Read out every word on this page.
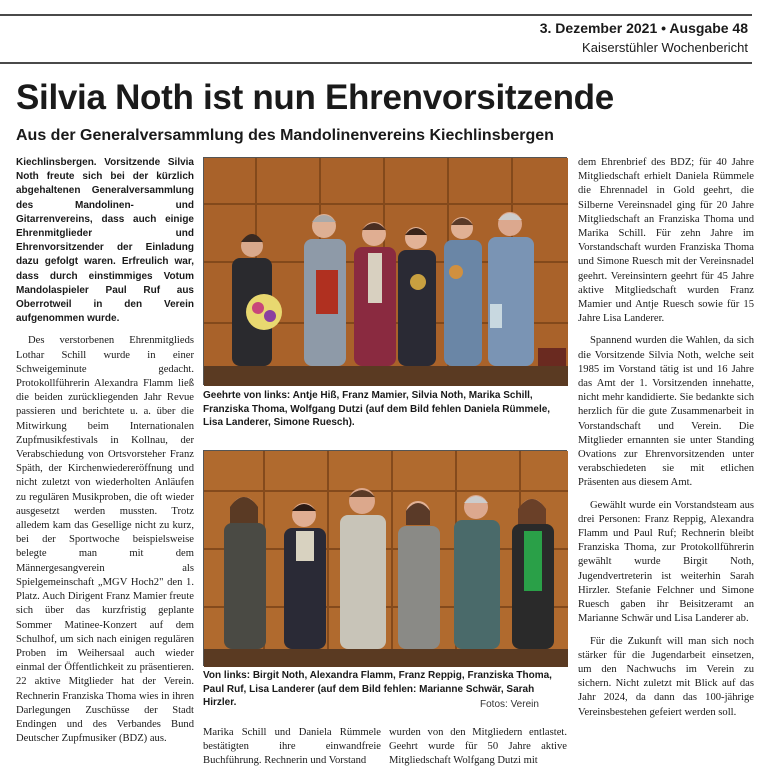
3. Dezember 2021 • Ausgabe 48
Kaiserstühler Wochenbericht
Silvia Noth ist nun Ehrenvorsitzende
Aus der Generalversammlung des Mandolinenvereins Kiechlinsbergen

Kiechlinsbergen. Vorsitzende Silvia Noth freute sich bei der kürzlich abgehaltenen Generalversammlung des Mandolinen- und Gitarrenvereins, dass auch einige Ehrenmitglieder und Ehrenvorsitzender der Einladung dazu gefolgt waren. Erfreulich war, dass durch einstimmiges Votum Mandolaspieler Paul Ruf aus Oberrotweil in den Verein aufgenommen wurde.

Des verstorbenen Ehrenmitglieds Lothar Schill wurde in einer Schweigeminute gedacht. Protokollführerin Alexandra Flamm ließ die beiden zurückliegenden Jahr Revue passieren und berichtete u. a. über die Mitwirkung beim Internationalen Zupfmusikfestivals in Kollnau, der Verabschiedung von Ortsvorsteher Franz Späth, der Kirchenwiedereröffnung und nicht zuletzt von wiederholten Anläufen zu regulären Musikproben, die oft wieder ausgesetzt werden mussten. Trotz alledem kam das Gesellige nicht zu kurz, bei der Sportwoche beispielsweise belegte man mit dem Männergesangverein als Spielgemeinschaft „MGV Hoch2" den 1. Platz. Auch Dirigent Franz Mamier freute sich über das kurzfristig geplante Sommer Matinee-Konzert auf dem Schulhof, um sich nach einigen regulären Proben im Weihersaal auch wieder einmal der Öffentlichkeit zu präsentieren. 22 aktive Mitglieder hat der Verein. Rechnerin Franziska Thoma wies in ihren Darlegungen Zuschüsse der Stadt Endingen und des Verbandes Bund Deutscher Zupfmusiker (BDZ) aus.

Geehrte von links: Antje Hiß, Franz Mamier, Silvia Noth, Marika Schill, Franziska Thoma, Wolfgang Dutzi (auf dem Bild fehlen Daniela Rümmele, Lisa Landerer, Simone Ruesch).
Von links: Birgit Noth, Alexandra Flamm, Franz Reppig, Franziska Thoma, Paul Ruf, Lisa Landerer (auf dem Bild fehlen: Marianne Schwär, Sarah Hirzler.	Fotos: Verein

Marika Schill und Daniela Rümmele bestätigten ihre einwandfreie Buchführung. Rechnerin und Vorstand

wurden von den Mitgliedern entlastet. Geehrt wurde für 50 Jahre aktive Mitgliedschaft Wolfgang Dutzi mit

dem Ehrenbrief des BDZ; für 40 Jahre Mitgliedschaft erhielt Daniela Rümmele die Ehrennadel in Gold geehrt, die Silberne Vereinsnadel ging für 20 Jahre Mitgliedschaft an Franziska Thoma und Marika Schill. Für zehn Jahre im Vorstandschaft wurden Franziska Thoma und Simone Ruesch mit der Vereinsnadel geehrt. Vereinsintern geehrt für 45 Jahre aktive Mitgliedschaft wurden Franz Mamier und Antje Ruesch sowie für 15 Jahre Lisa Landerer.

Spannend wurden die Wahlen, da sich die Vorsitzende Silvia Noth, welche seit 1985 im Vorstand tätig ist und 16 Jahre das Amt der 1. Vorsitzenden innehatte, nicht mehr kandidierte. Sie bedankte sich herzlich für die gute Zusammenarbeit in Vorstandschaft und Verein. Die Mitglieder ernannten sie unter Standing Ovations zur Ehrenvorsitzenden unter verabschiedeten sie mit etlichen Präsenten aus diesem Amt.

Gewählt wurde ein Vorstandsteam aus drei Personen: Franz Reppig, Alexandra Flamm und Paul Ruf; Rechnerin bleibt Franziska Thoma, zur Protokollführerin gewählt wurde Birgit Noth, Jugendvertreterin ist weiterhin Sarah Hirzler. Stefanie Felchner und Simone Ruesch gaben ihr Beisitzeramt an Marianne Schwär und Lisa Landerer ab.

Für die Zukunft will man sich noch stärker für die Jugendarbeit einsetzen, um den Nachwuchs im Verein zu sichern. Nicht zuletzt mit Blick auf das Jahr 2024, da dann das 100-jährige Vereinsbestehen gefeiert werden soll.
